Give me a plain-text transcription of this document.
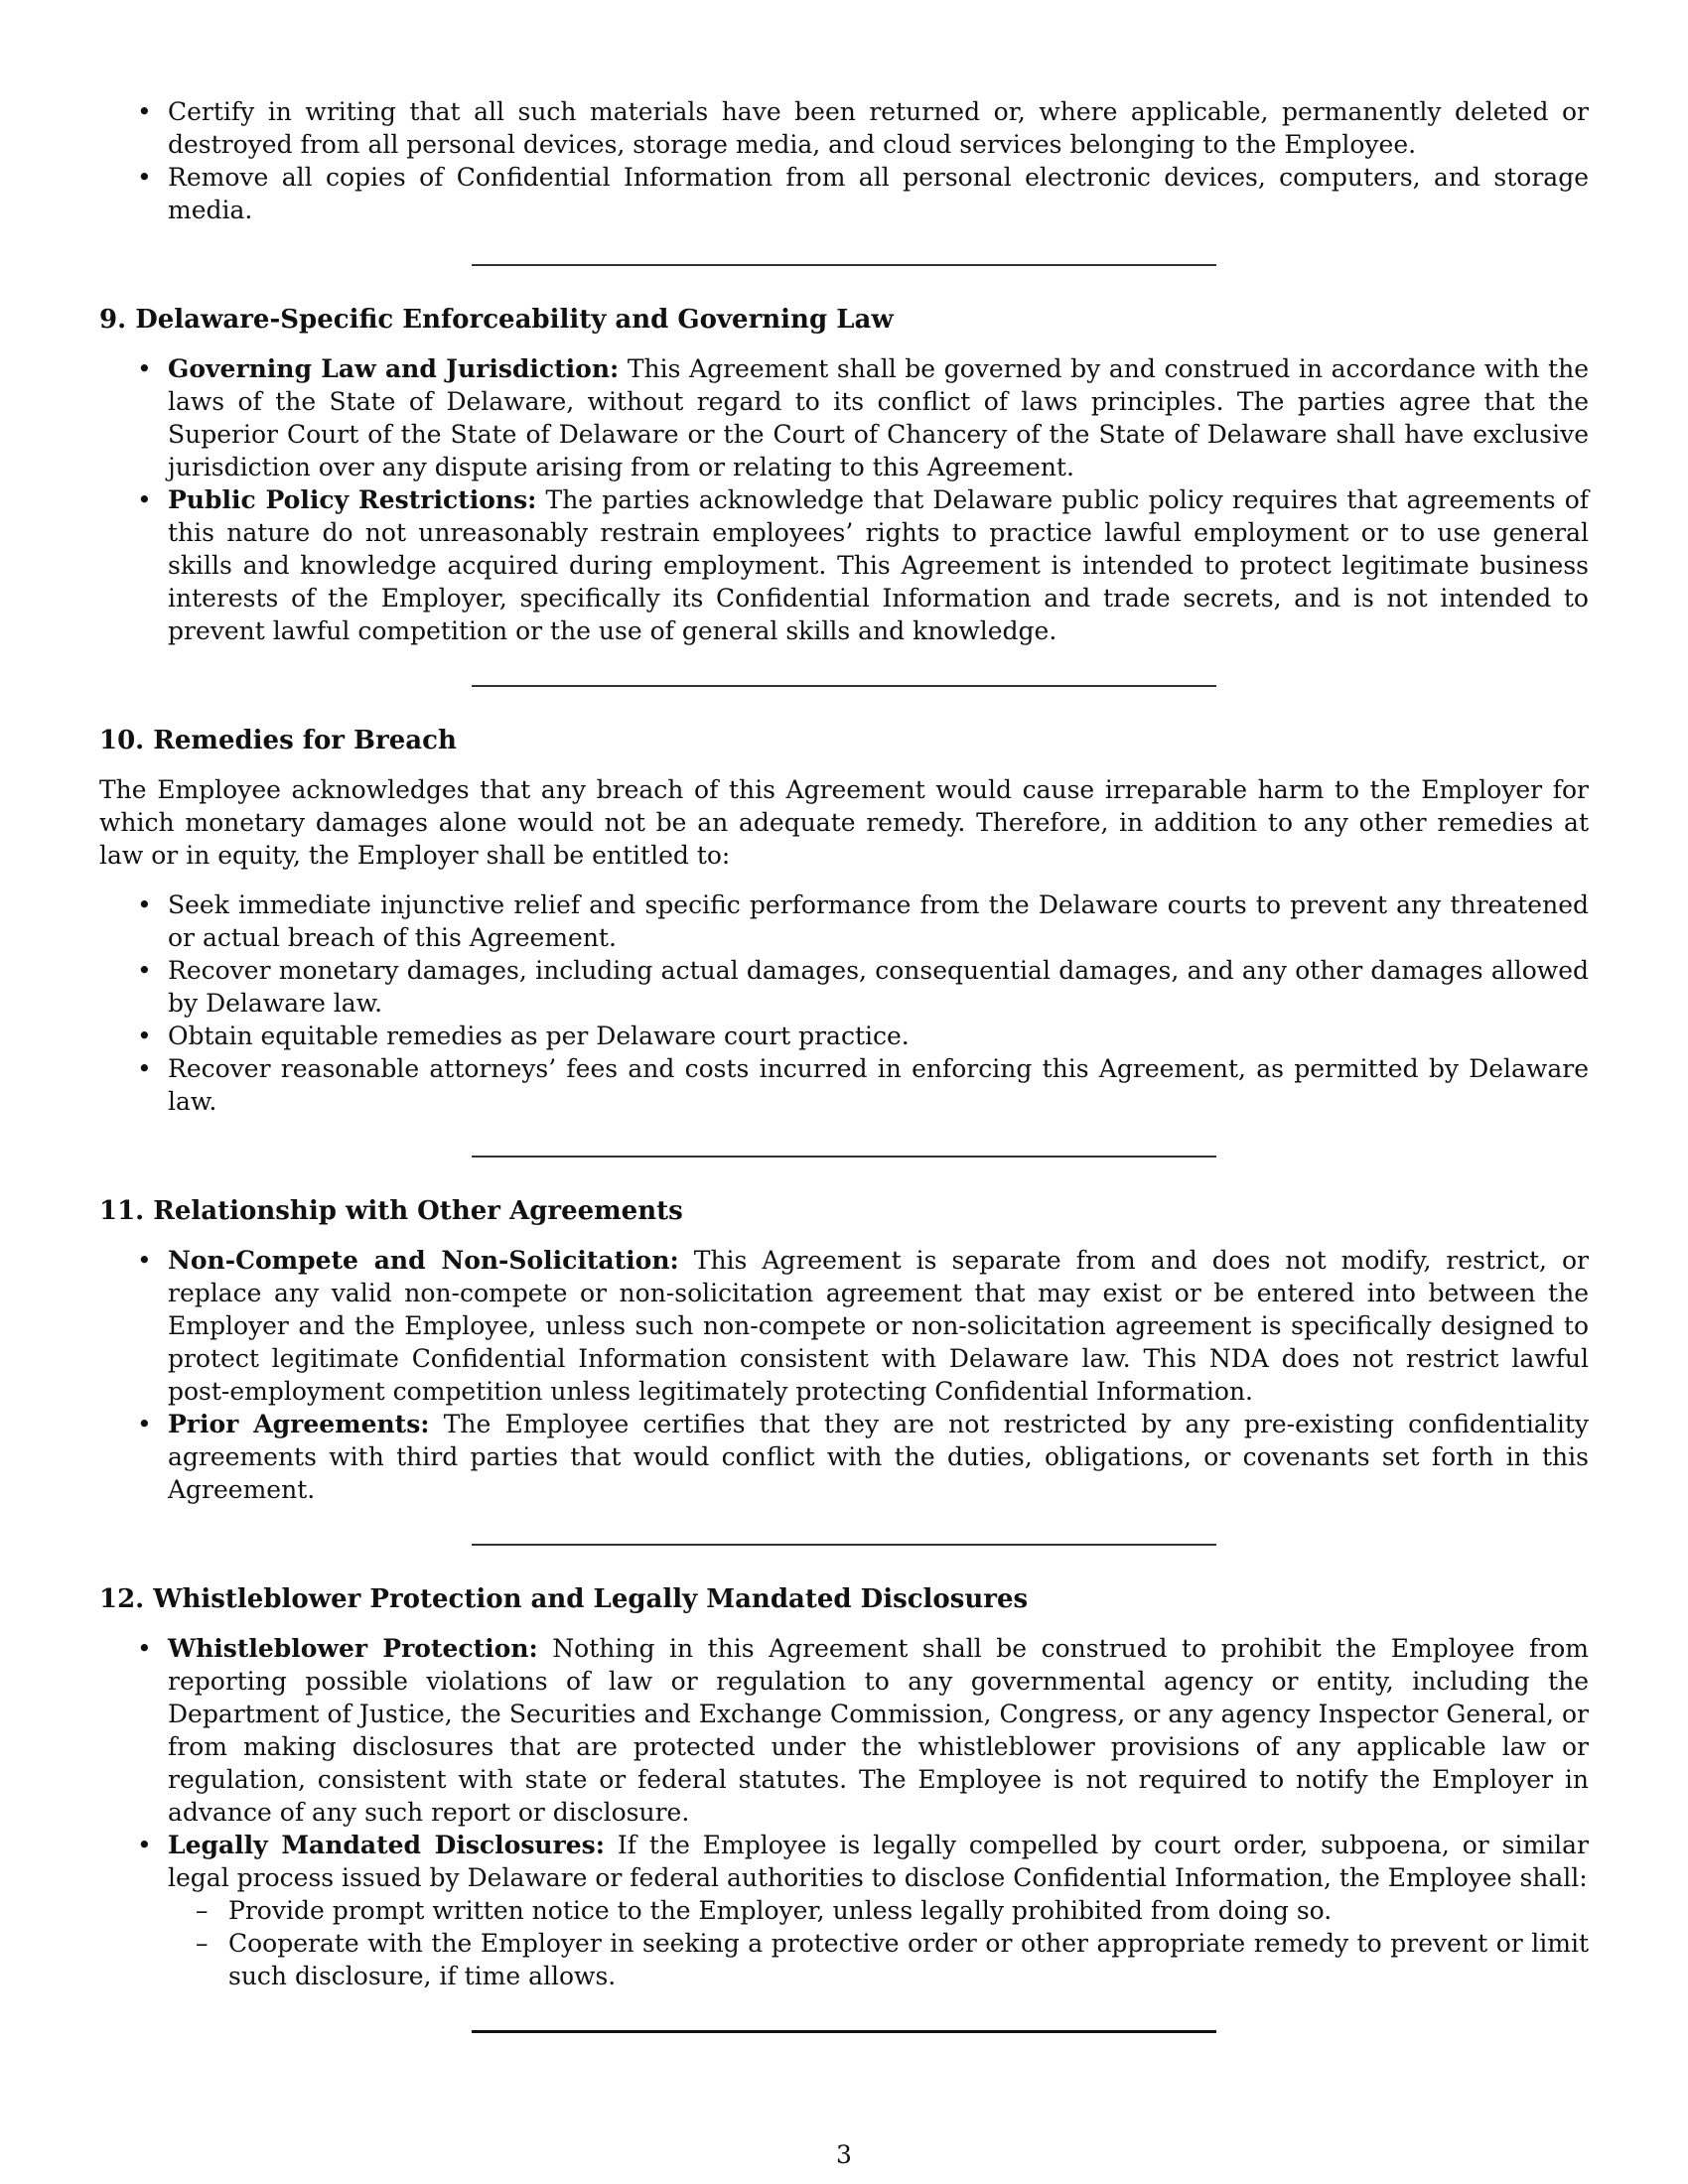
• Certify in writing that all such materials have been returned or, where applicable, permanently deleted or destroyed from all personal devices, storage media, and cloud services belonging to the Employee.
• Remove all copies of Confidential Information from all personal electronic devices, computers, and storage media.
9. Delaware-Specific Enforceability and Governing Law
• Governing Law and Jurisdiction: This Agreement shall be governed by and construed in accordance with the laws of the State of Delaware, without regard to its conflict of laws principles. The parties agree that the Superior Court of the State of Delaware or the Court of Chancery of the State of Delaware shall have exclusive jurisdiction over any dispute arising from or relating to this Agreement.
• Public Policy Restrictions: The parties acknowledge that Delaware public policy requires that agreements of this nature do not unreasonably restrain employees’ rights to practice lawful employment or to use general skills and knowledge acquired during employment. This Agreement is intended to protect legitimate business interests of the Employer, specifically its Confidential Information and trade secrets, and is not intended to prevent lawful competition or the use of general skills and knowledge.
10. Remedies for Breach

The Employee acknowledges that any breach of this Agreement would cause irreparable harm to the Employer for which monetary damages alone would not be an adequate remedy. Therefore, in addition to any other remedies at law or in equity, the Employer shall be entitled to:

• Seek immediate injunctive relief and specific performance from the Delaware courts to prevent any threatened or actual breach of this Agreement.
• Recover monetary damages, including actual damages, consequential damages, and any other damages allowed by Delaware law.
• Obtain equitable remedies as per Delaware court practice.
• Recover reasonable attorneys’ fees and costs incurred in enforcing this Agreement, as permitted by Delaware law.
11. Relationship with Other Agreements
• Non-Compete and Non-Solicitation: This Agreement is separate from and does not modify, restrict, or replace any valid non-compete or non-solicitation agreement that may exist or be entered into between the Employer and the Employee, unless such non-compete or non-solicitation agreement is specifically designed to protect legitimate Confidential Information consistent with Delaware law. This NDA does not restrict lawful post-employment competition unless legitimately protecting Confidential Information.
• Prior Agreements: The Employee certifies that they are not restricted by any pre-existing confidentiality agreements with third parties that would conflict with the duties, obligations, or covenants set forth in this Agreement.
12. Whistleblower Protection and Legally Mandated Disclosures
• Whistleblower Protection: Nothing in this Agreement shall be construed to prohibit the Employee from reporting possible violations of law or regulation to any governmental agency or entity, including the Department of Justice, the Securities and Exchange Commission, Congress, or any agency Inspector General, or from making disclosures that are protected under the whistleblower provisions of any applicable law or regulation, consistent with state or federal statutes. The Employee is not required to notify the Employer in advance of any such report or disclosure.
• Legally Mandated Disclosures: If the Employee is legally compelled by court order, subpoena, or similar legal process issued by Delaware or federal authorities to disclose Confidential Information, the Employee shall:
– Provide prompt written notice to the Employer, unless legally prohibited from doing so.
– Cooperate with the Employer in seeking a protective order or other appropriate remedy to prevent or limit such disclosure, if time allows.
3
